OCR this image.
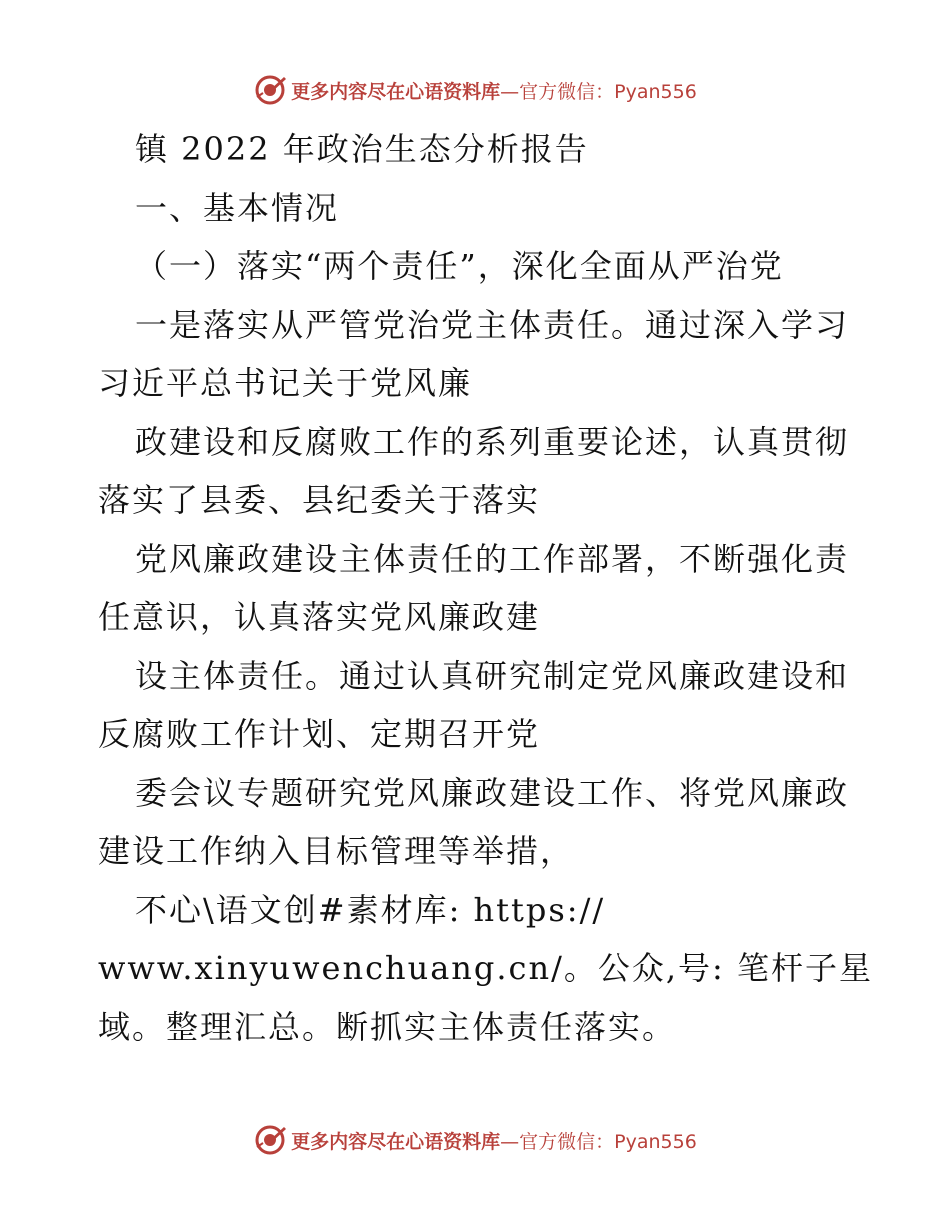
更多内容尽在心语资料库—官方微信：Pyan556
镇 2022 年政治生态分析报告
一、基本情况
（一）落实“两个责任”，深化全面从严治党
一是落实从严管党治党主体责任。通过深入学习
习近平总书记关于党风廉
政建设和反腐败工作的系列重要论述，认真贯彻
落实了县委、县纪委关于落实
党风廉政建设主体责任的工作部署，不断强化责
任意识，认真落实党风廉政建
设主体责任。通过认真研究制定党风廉政建设和
反腐败工作计划、定期召开党
委会议专题研究党风廉政建设工作、将党风廉政
建设工作纳入目标管理等举措，
不心\语文创#素材库: https://
www.xinyuwenchuang.cn/。公众,号: 笔杆子星
域。整理汇总。断抓实主体责任落实。
更多内容尽在心语资料库—官方微信：Pyan556
